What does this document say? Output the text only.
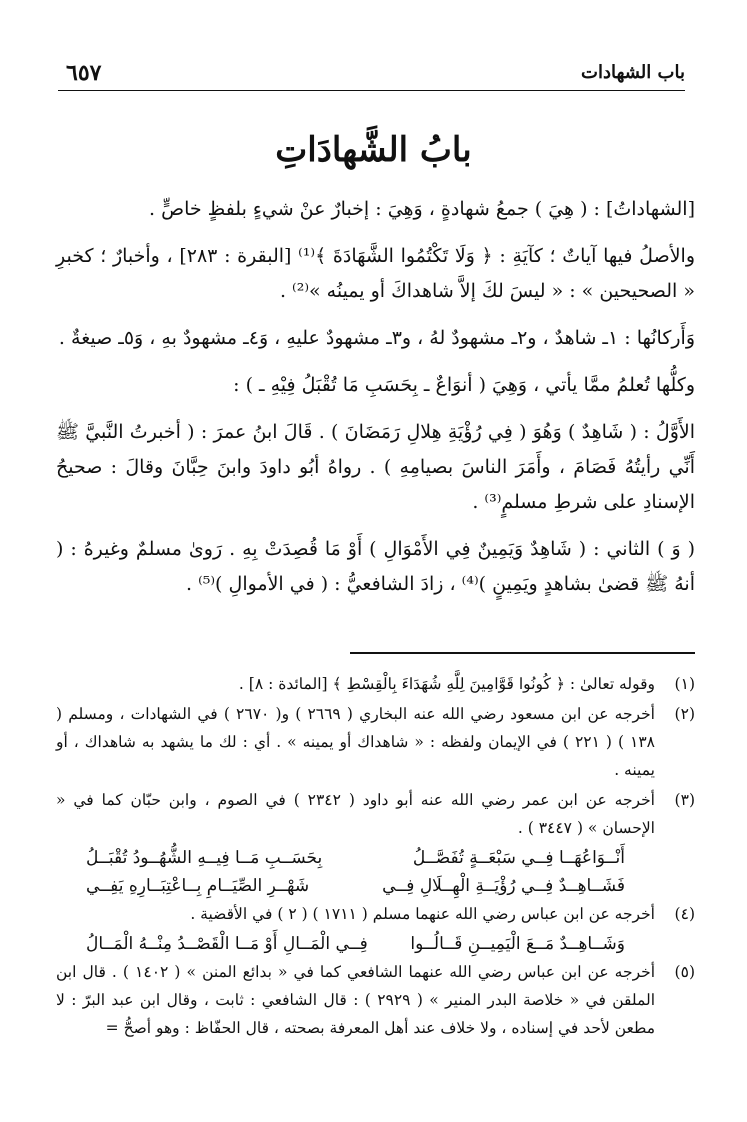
٦٥٧	باب الشهادات
بابُ الشَّهادَاتِ

[الشهاداتُ] : ( هِيَ ) جمعُ شهادةٍ ، وَهِيَ : إخبارٌ عنْ شيءٍ بلفظٍ خاصٍّ .

والأصلُ فيها آياتٌ ؛ كآيَةِ : ﴿ وَلَا تَكْتُمُوا الشَّهَادَةَ ﴾⁽¹⁾ [البقرة : ٢٨٣] ، وأخبارٌ ؛ كخبرِ « الصحيحين » : « ليسَ لكَ إلاَّ شاهداكَ أو يمينُه »⁽²⁾ .

وَأَركانُها : ١ـ شاهدٌ ، و٢ـ مشهودٌ لهُ ، و٣ـ مشهودٌ عليهِ ، وَ٤ـ مشهودٌ بهِ ، وَ٥ـ صيغةٌ .

وكلُّها تُعلمُ ممَّا يأتي ، وَهِيَ ( أنوَاعٌ ـ بِحَسَبِ مَا تُقْبَلُ فِيْهِ ـ ) :

الأَوَّلُ : ( شَاهِدٌ ) وَهُوَ ( فِي رُؤْيَةِ هِلالِ رَمَضَانَ ) . قَالَ ابنُ عمرَ : ( أخبرتُ النَّبيَّ ﷺ أَنِّي رأيتُهُ فَصَامَ ، وأَمَرَ الناسَ بصيامِهِ ) . رواهُ أبُو داودَ وابنَ حِبَّانَ وقالَ : صحيحُ الإسنادِ على شرطِ مسلمٍ⁽³⁾ .

( وَ ) الثاني : ( شَاهِدٌ وَيَمِينٌ فِي الأَمْوَالِ ) أَوْ مَا قُصِدَتْ بِهِ . رَوىٰ مسلمٌ وغيرهُ : ( أنهُ ﷺ قضىٰ بشاهدٍ ويَمِينٍ )⁽⁴⁾ ، زادَ الشافعيُّ : ( في الأموالِ )⁽⁵⁾ .

(١)
وقوله تعالىٰ : ﴿ كُونُوا قَوَّامِينَ لِلَّهِ شُهَدَاءَ بِالْقِسْطِ ﴾ [المائدة : ٨] .
(٢)
أخرجه عن ابن مسعود رضي الله عنه البخاري ( ٢٦٦٩ ) و( ٢٦٧٠ ) في الشهادات ، ومسلم ( ١٣٨ ) ( ٢٢١ ) في الإيمان ولفظه : « شاهداك أو يمينه » . أي : لك ما يشهد به شاهداك ، أو يمينه .
(٣)
أخرجه عن ابن عمر رضي الله عنه أبو داود ( ٢٣٤٢ ) في الصوم ، وابن حبّان كما في « الإحسان » ( ٣٤٤٧ ) .
أَنْــوَاعُهَــا فِــي سَبْعَــةٍ تُفَصَّــلُ
بِحَسَــبِ مَــا فِيــهِ الشُّهُــودُ تُقْبَــلُ
فَشَــاهِــدٌ فِــي رُؤْيَــةِ الْهِــلَالِ فِــي
شَهْــرِ الصِّيَــامِ بِــاعْتِبَــارِهِ يَفِــي
(٤)
أخرجه عن ابن عباس رضي الله عنهما مسلم ( ١٧١١ ) ( ٢ ) في الأقضية .
وَشَــاهِــدٌ مَــعَ الْيَمِيــنِ قَــالُــوا
فِــي الْمَــالِ أَوْ مَــا الْقَصْــدُ مِنْــهُ الْمَــالُ
(٥)
أخرجه عن ابن عباس رضي الله عنهما الشافعي كما في « بدائع المنن » ( ١٤٠٢ ) . قال ابن الملقن في « خلاصة البدر المنير » ( ٢٩٢٩ ) : قال الشافعي : ثابت ، وقال ابن عبد البرّ : لا مطعن لأحد في إسناده ، ولا خلاف عند أهل المعرفة بصحته ، قال الحفّاظ : وهو أصحُّ =
